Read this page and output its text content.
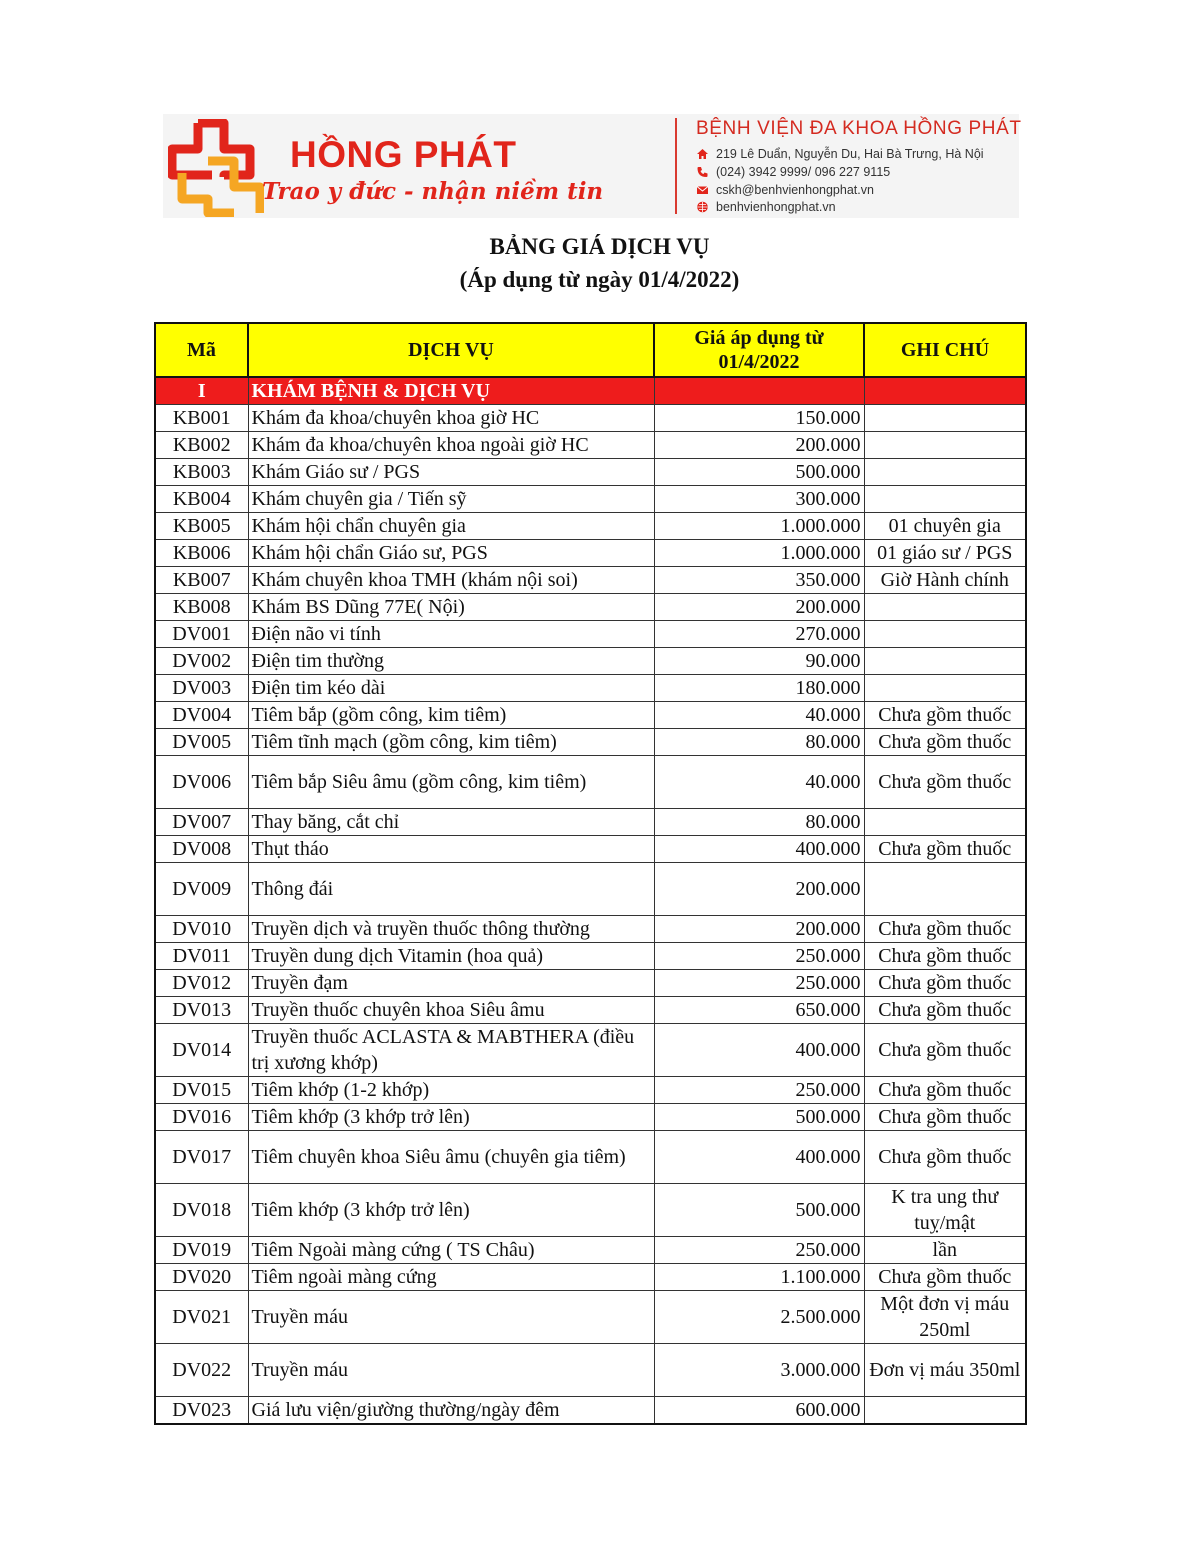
HỒNG PHÁT
Trao y đức - nhận niềm tin
BỆNH VIỆN ĐA KHOA HỒNG PHÁT
219 Lê Duẩn, Nguyễn Du, Hai Bà Trưng, Hà Nội
(024) 3942 9999/ 096 227 9115
cskh@benhvienhongphat.vn
benhvienhongphat.vn
BẢNG GIÁ DỊCH VỤ
(Áp dụng từ ngày 01/4/2022)
Mã	DỊCH VỤ	Giá áp dụng từ 01/4/2022	GHI CHÚ
I	KHÁM BỆNH & DỊCH VỤ		
KB001	Khám đa khoa/chuyên khoa giờ HC	150.000	
KB002	Khám đa khoa/chuyên khoa ngoài giờ HC	200.000	
KB003	Khám Giáo sư / PGS	500.000	
KB004	Khám chuyên gia / Tiến sỹ	300.000	
KB005	Khám hội chẩn chuyên gia	1.000.000	01 chuyên gia
KB006	Khám hội chẩn Giáo sư, PGS	1.000.000	01 giáo sư / PGS
KB007	Khám chuyên khoa TMH (khám nội soi)	350.000	Giờ Hành chính
KB008	Khám BS Dũng 77E( Nội)	200.000	
DV001	Điện não vi tính	270.000	
DV002	Điện tim thường	90.000	
DV003	Điện tim kéo dài	180.000	
DV004	Tiêm bắp (gồm công, kim tiêm)	40.000	Chưa gồm thuốc
DV005	Tiêm tĩnh mạch (gồm công, kim tiêm)	80.000	Chưa gồm thuốc
DV006	Tiêm bắp Siêu âmu (gồm công, kim tiêm)	40.000	Chưa gồm thuốc
DV007	Thay băng, cắt chỉ	80.000	
DV008	Thụt tháo	400.000	Chưa gồm thuốc
DV009	Thông đái	200.000	
DV010	Truyền dịch và truyền thuốc thông thường	200.000	Chưa gồm thuốc
DV011	Truyền dung dịch Vitamin (hoa quả)	250.000	Chưa gồm thuốc
DV012	Truyền đạm	250.000	Chưa gồm thuốc
DV013	Truyền thuốc chuyên khoa Siêu âmu	650.000	Chưa gồm thuốc
DV014	Truyền thuốc ACLASTA & MABTHERA (điều trị xương khớp)	400.000	Chưa gồm thuốc
DV015	Tiêm khớp (1-2 khớp)	250.000	Chưa gồm thuốc
DV016	Tiêm khớp (3 khớp trở lên)	500.000	Chưa gồm thuốc
DV017	Tiêm chuyên khoa Siêu âmu (chuyên gia tiêm)	400.000	Chưa gồm thuốc
DV018	Tiêm khớp (3 khớp trở lên)	500.000	K tra ung thư tuỵ/mật
DV019	Tiêm Ngoài màng cứng ( TS Châu)	250.000	lần
DV020	Tiêm ngoài màng cứng	1.100.000	Chưa gồm thuốc
DV021	Truyền máu	2.500.000	Một đơn vị máu 250ml
DV022	Truyền máu	3.000.000	Đơn vị máu 350ml
DV023	Giá lưu viện/giường thường/ngày đêm	600.000	
